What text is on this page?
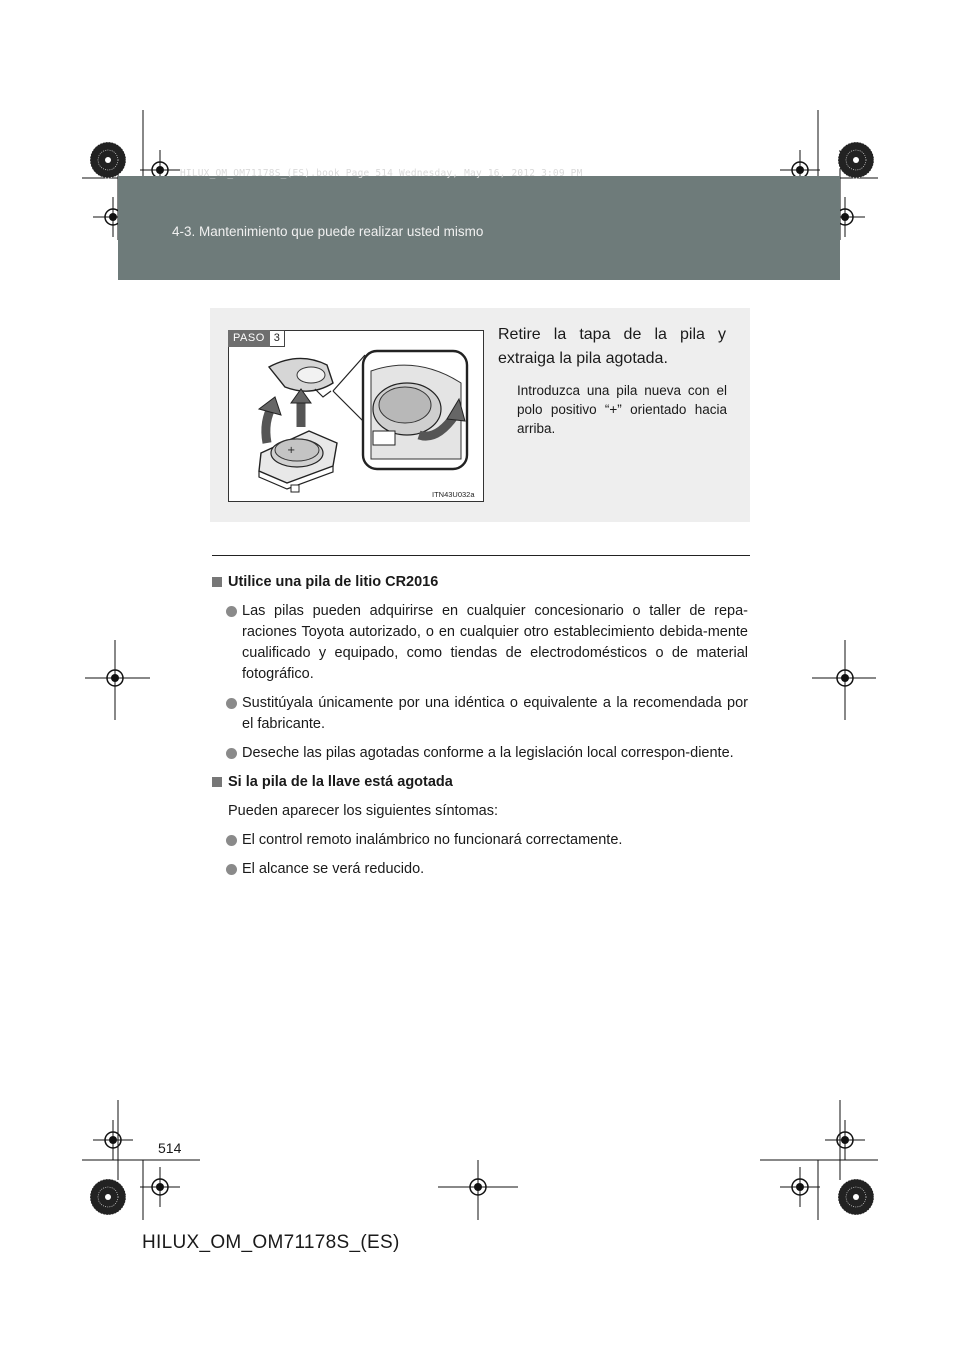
HILUX_OM_OM71178S_(ES).book Page 514 Wednesday, May 16, 2012 3:09 PM
4-3. Mantenimiento que puede realizar usted mismo
+
PASO 3
ITN43U032a
Retire la tapa de la pila y extraiga la pila agotada.
Introduzca una pila nueva con el polo positivo “+” orientado hacia arriba.
Utilice una pila de litio CR2016
Las pilas pueden adquirirse en cualquier concesionario o taller de repa-raciones Toyota autorizado, o en cualquier otro establecimiento debida-mente cualificado y equipado, como tiendas de electrodomésticos o de material fotográfico.
Sustitúyala únicamente por una idéntica o equivalente a la recomendada por el fabricante.
Deseche las pilas agotadas conforme a la legislación local correspon-diente.
Si la pila de la llave está agotada
Pueden aparecer los siguientes síntomas:
El control remoto inalámbrico no funcionará correctamente.
El alcance se verá reducido.
514
HILUX_OM_OM71178S_(ES)
